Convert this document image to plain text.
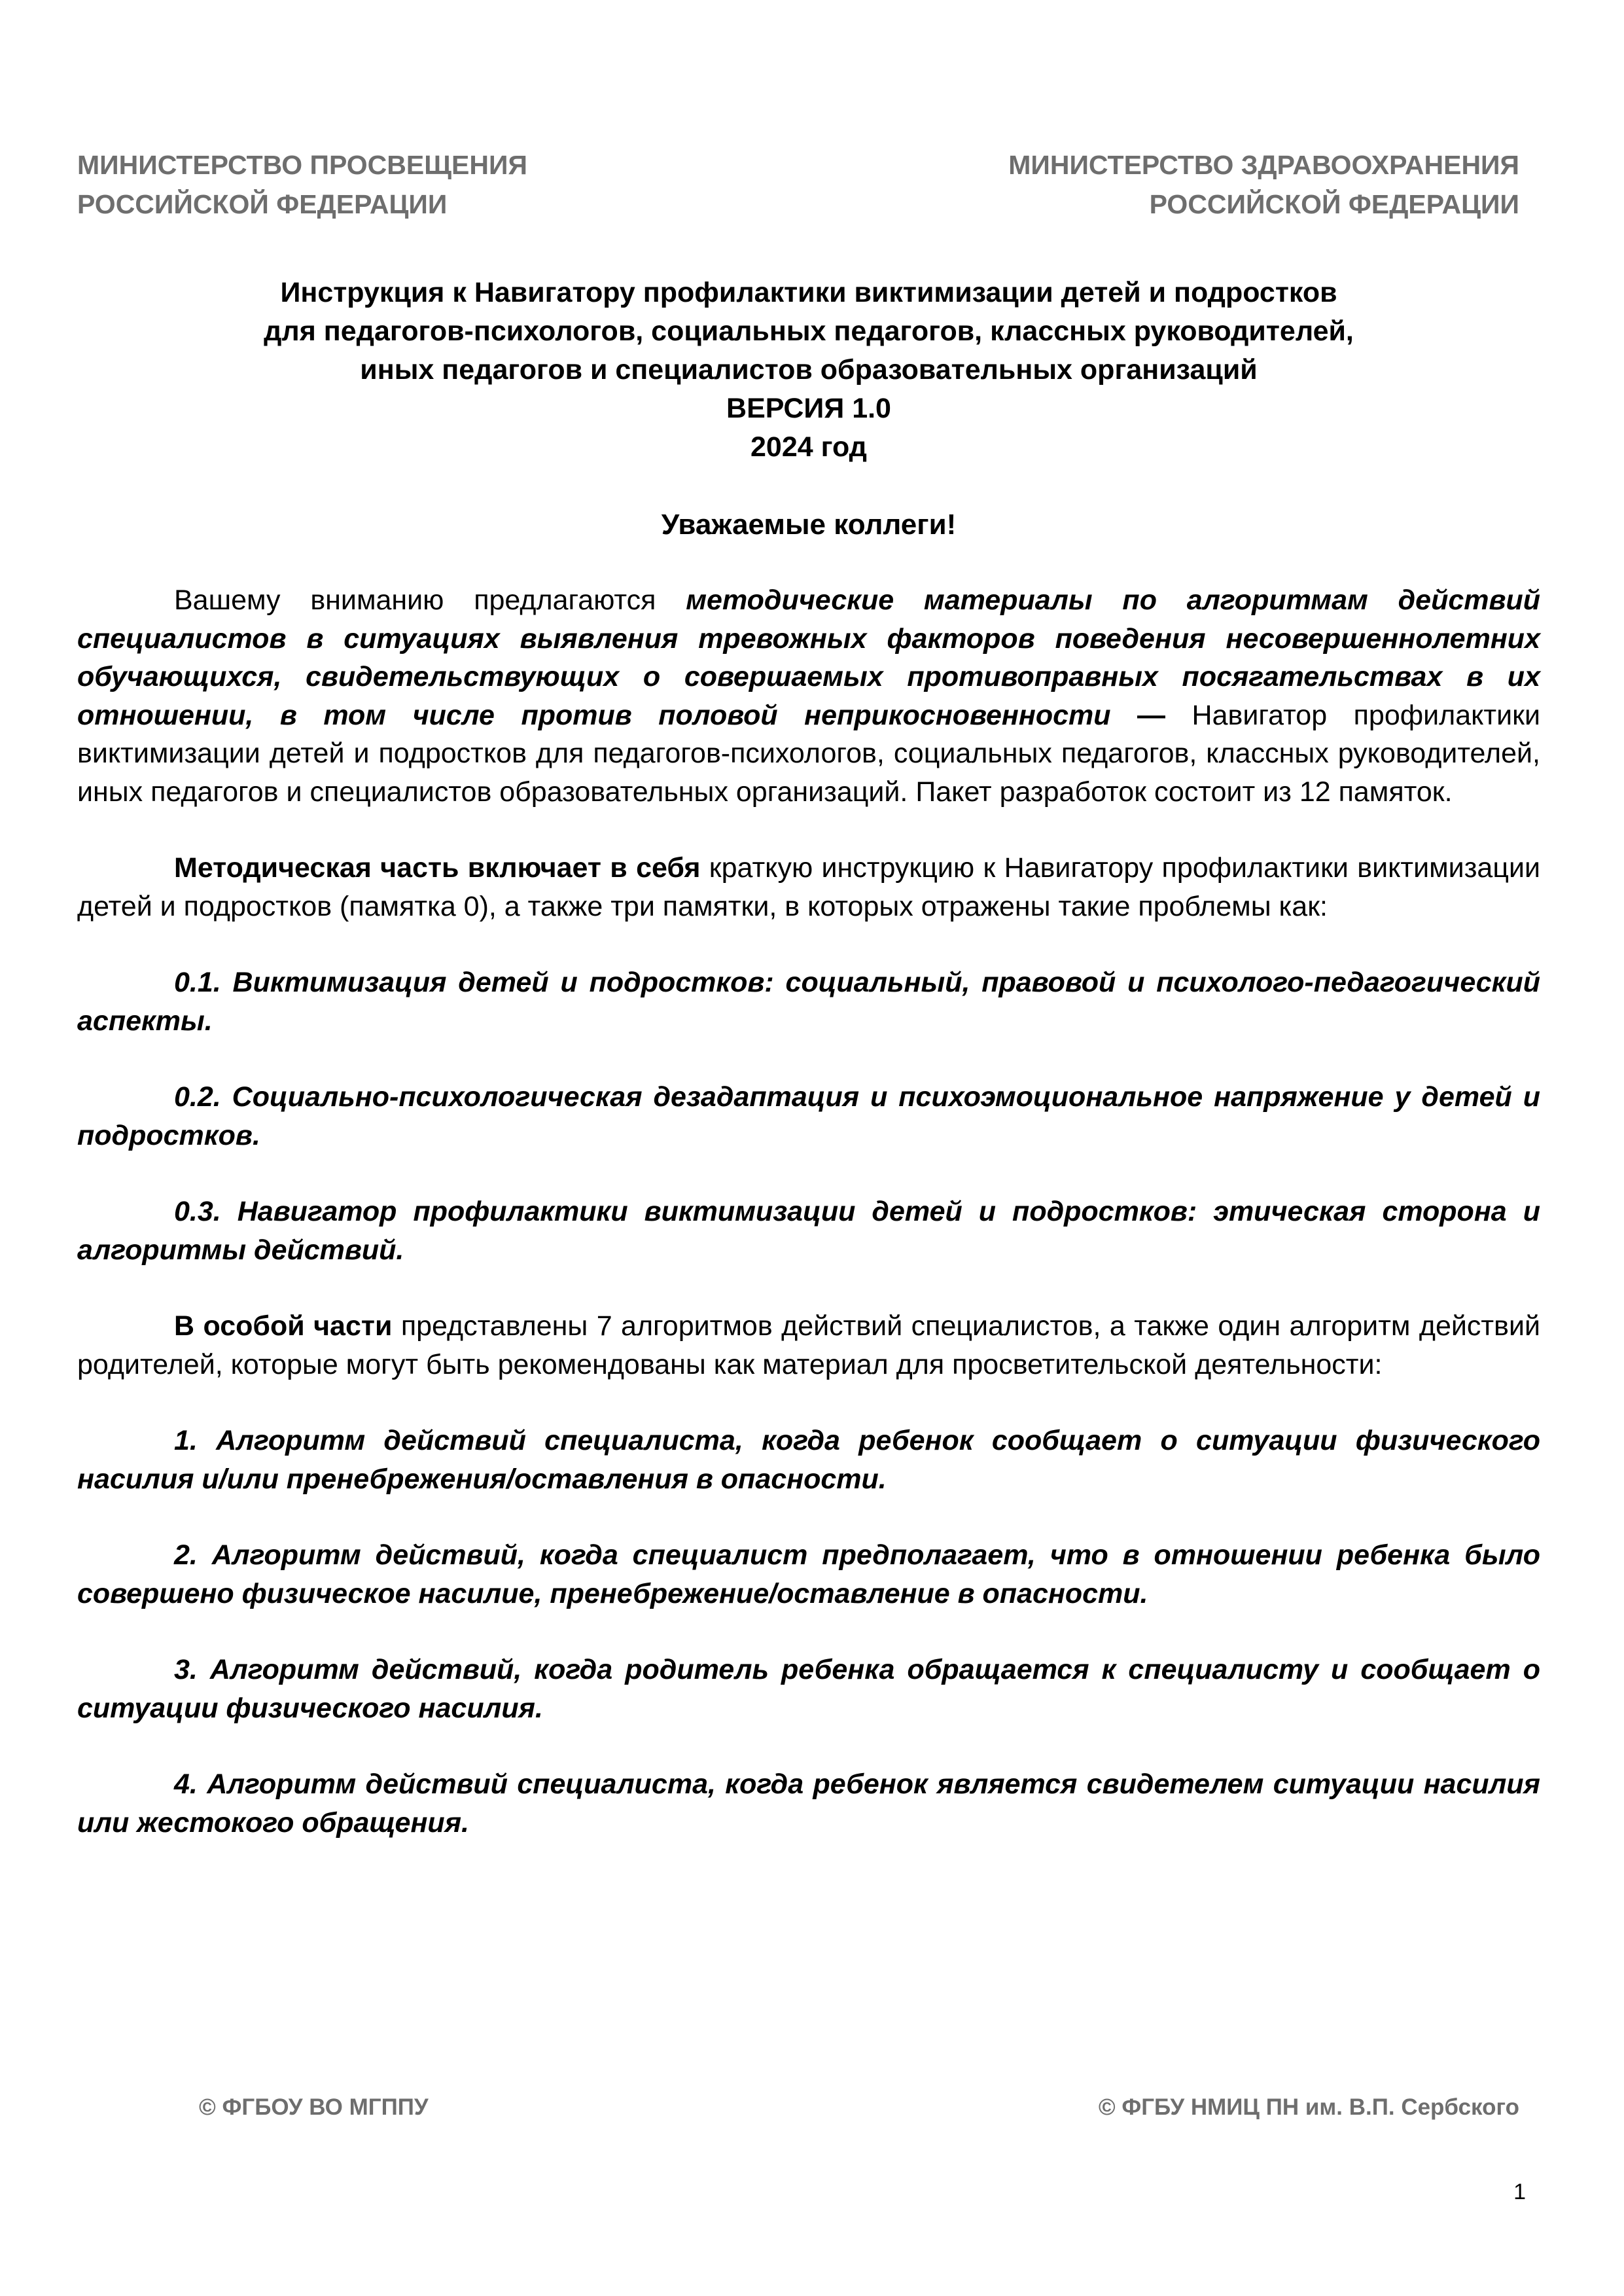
МИНИСТЕРСТВО ПРОСВЕЩЕНИЯ
РОССИЙСКОЙ ФЕДЕРАЦИИ
МИНИСТЕРСТВО ЗДРАВООХРАНЕНИЯ
РОССИЙСКОЙ ФЕДЕРАЦИИ
Инструкция к Навигатору профилактики виктимизации детей и подростков
для педагогов-психологов, социальных педагогов, классных руководителей,
иных педагогов и специалистов образовательных организаций
ВЕРСИЯ 1.0
2024 год
Уважаемые коллеги!

Вашему вниманию предлагаются методические материалы по алгоритмам действий специалистов в ситуациях выявления тревожных факторов поведения несовершеннолетних обучающихся, свидетельствующих о совершаемых противоправных посягательствах в их отношении, в том числе против половой неприкосновенности — Навигатор профилактики виктимизации детей и подростков для педагогов-психологов, социальных педагогов, классных руководителей, иных педагогов и специалистов образовательных организаций. Пакет разработок состоит из 12 памяток.

Методическая часть включает в себя краткую инструкцию к Навигатору профилактики виктимизации детей и подростков (памятка 0), а также три памятки, в которых отражены такие проблемы как:

0.1. Виктимизация детей и подростков: социальный, правовой и психолого-педагогический аспекты.

0.2. Социально-психологическая дезадаптация и психоэмоциональное напряжение у детей и подростков.

0.3. Навигатор профилактики виктимизации детей и подростков: этическая сторона и алгоритмы действий.

В особой части представлены 7 алгоритмов действий специалистов, а также один алгоритм действий родителей, которые могут быть рекомендованы как материал для просветительской деятельности:

1. Алгоритм действий специалиста, когда ребенок сообщает о ситуации физического насилия и/или пренебрежения/оставления в опасности.

2. Алгоритм действий, когда специалист предполагает, что в отношении ребенка было совершено физическое насилие, пренебрежение/оставление в опасности.

3. Алгоритм действий, когда родитель ребенка обращается к специалисту и сообщает о ситуации физического насилия.

4. Алгоритм действий специалиста, когда ребенок является свидетелем ситуации насилия или жестокого обращения.

© ФГБОУ ВО МГППУ	© ФГБУ НМИЦ ПН им. В.П. Сербского
1
